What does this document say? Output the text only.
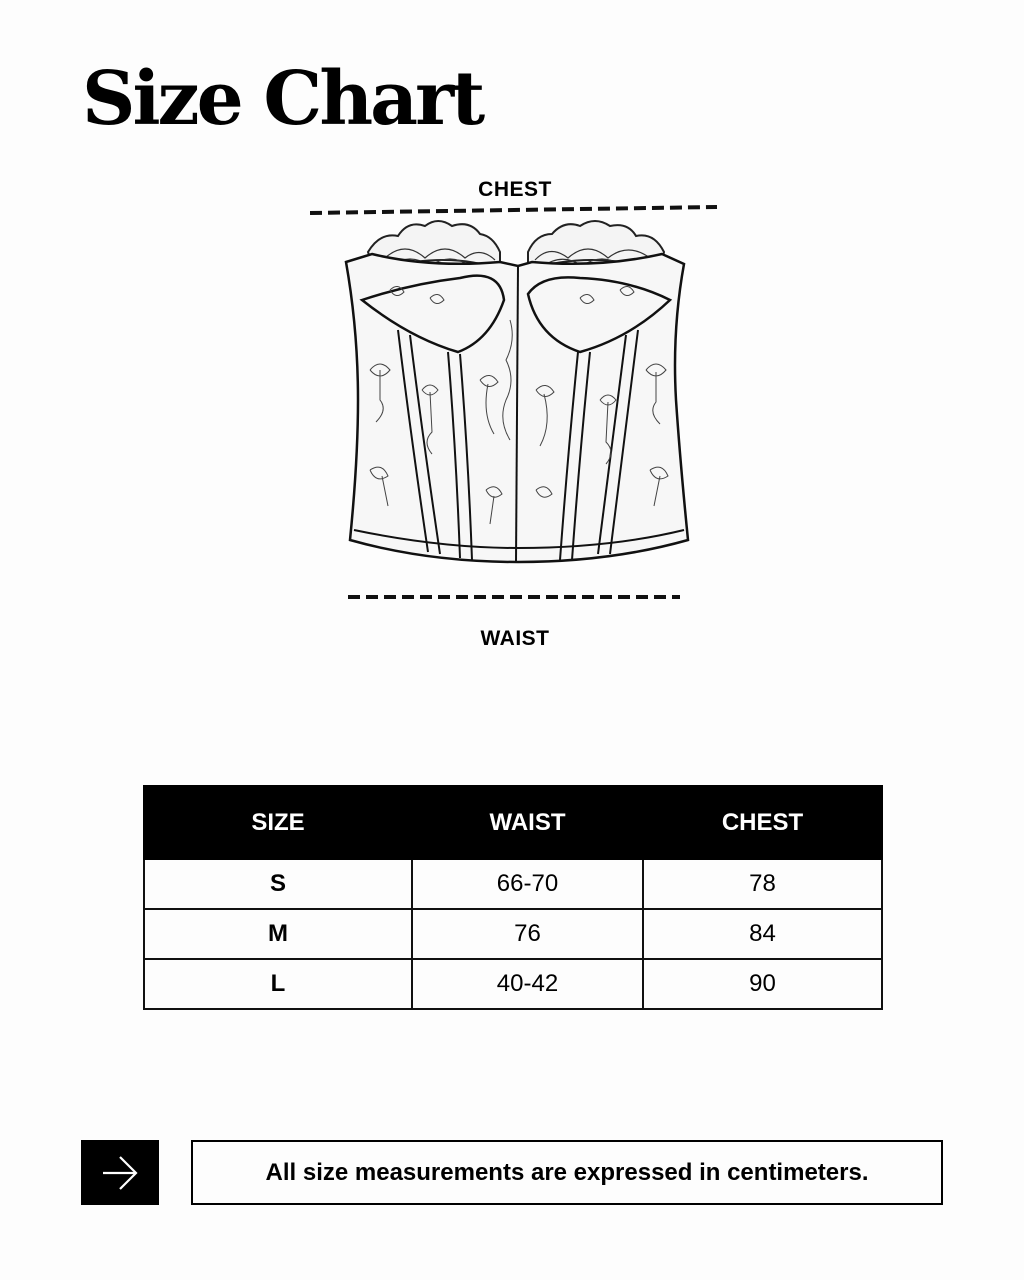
Size Chart
CHEST
WAIST
SIZE	WAIST	CHEST
S	66-70	78
M	76	84
L	40-42	90
All size measurements are expressed in centimeters.
